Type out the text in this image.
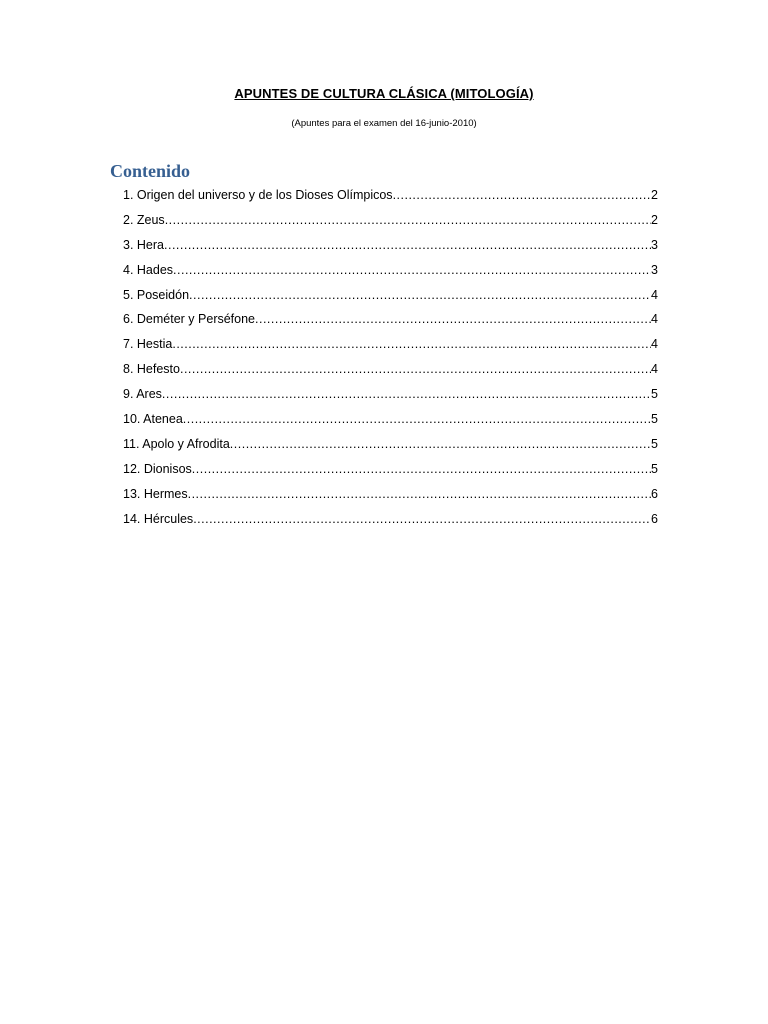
APUNTES DE CULTURA CLÁSICA (MITOLOGÍA)
(Apuntes para el examen del 16-junio-2010)
Contenido
1. Origen del universo y de los Dioses Olímpicos .....	2
2. Zeus .....	2
3. Hera .....	3
4. Hades .....	3
5. Poseidón .....	4
6. Deméter y Perséfone .....	4
7. Hestia .....	4
8. Hefesto .....	4
9. Ares .....	5
10. Atenea .....	5
11. Apolo y Afrodita .....	5
12. Dionisos .....	5
13. Hermes .....	6
14. Hércules .....	6
